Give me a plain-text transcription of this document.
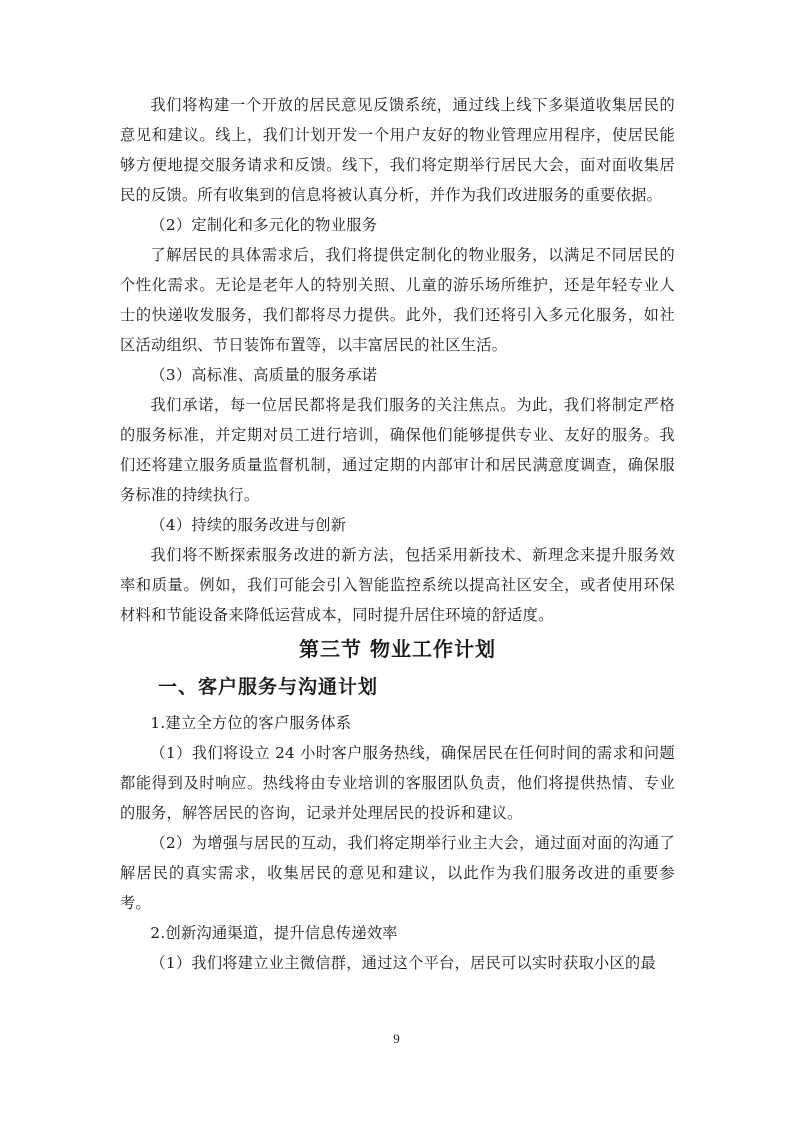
我们将构建一个开放的居民意见反馈系统，通过线上线下多渠道收集居民的意见和建议。线上，我们计划开发一个用户友好的物业管理应用程序，使居民能够方便地提交服务请求和反馈。线下，我们将定期举行居民大会，面对面收集居民的反馈。所有收集到的信息将被认真分析，并作为我们改进服务的重要依据。

（2）定制化和多元化的物业服务

了解居民的具体需求后，我们将提供定制化的物业服务，以满足不同居民的个性化需求。无论是老年人的特别关照、儿童的游乐场所维护，还是年轻专业人士的快递收发服务，我们都将尽力提供。此外，我们还将引入多元化服务，如社区活动组织、节日装饰布置等，以丰富居民的社区生活。

（3）高标准、高质量的服务承诺

我们承诺，每一位居民都将是我们服务的关注焦点。为此，我们将制定严格的服务标准，并定期对员工进行培训，确保他们能够提供专业、友好的服务。我们还将建立服务质量监督机制，通过定期的内部审计和居民满意度调查，确保服务标准的持续执行。

（4）持续的服务改进与创新

我们将不断探索服务改进的新方法，包括采用新技术、新理念来提升服务效率和质量。例如，我们可能会引入智能监控系统以提高社区安全，或者使用环保材料和节能设备来降低运营成本，同时提升居住环境的舒适度。

第三节 物业工作计划
一、客户服务与沟通计划

1.建立全方位的客户服务体系

（1）我们将设立 24 小时客户服务热线，确保居民在任何时间的需求和问题都能得到及时响应。热线将由专业培训的客服团队负责，他们将提供热情、专业的服务，解答居民的咨询，记录并处理居民的投诉和建议。

（2）为增强与居民的互动，我们将定期举行业主大会，通过面对面的沟通了解居民的真实需求，收集居民的意见和建议，以此作为我们服务改进的重要参考。

2.创新沟通渠道，提升信息传递效率

（1）我们将建立业主微信群，通过这个平台，居民可以实时获取小区的最

9
